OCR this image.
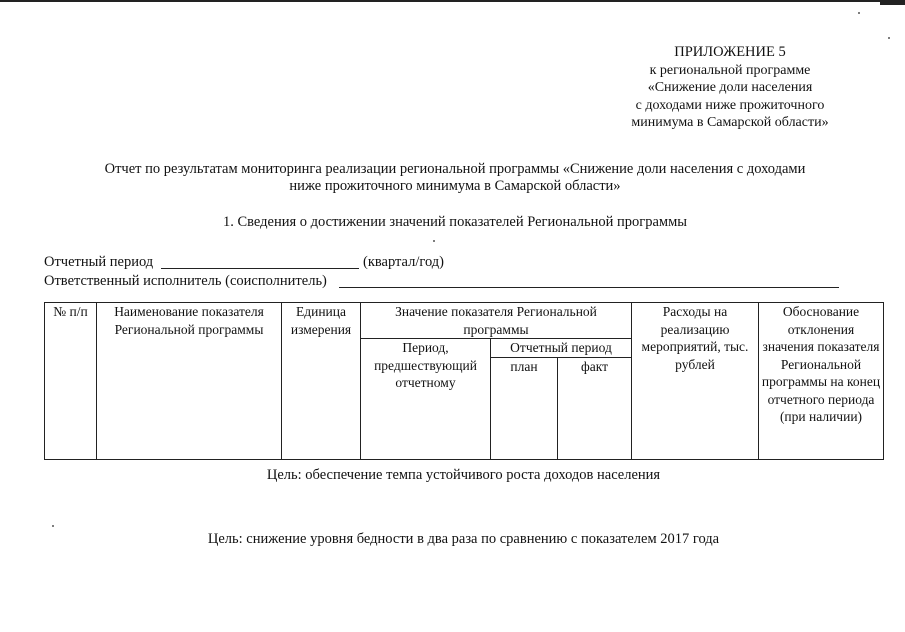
ПРИЛОЖЕНИЕ 5
к региональной программе
«Снижение доли населения
с доходами ниже прожиточного
минимума в Самарской области»
Отчет по результатам мониторинга реализации региональной программы «Снижение доли населения с доходами
ниже прожиточного минимума в Самарской области»
1. Сведения о достижении значений показателей Региональной программы
Отчетный период	(квартал/год)
Ответственный исполнитель (соисполнитель)
№ п/п	Наименование показателя Региональной программы	Единица измерения	Значение показателя Региональной программы			Расходы на реализацию мероприятий, тыс. рублей	Обоснование отклонения значения показателя Региональной программы на конец отчетного периода (при наличии)
			Период, предшествующий отчетному	Отчетный период			
				план	факт		
Цель: обеспечение темпа устойчивого роста доходов населения
Цель: снижение уровня бедности в два раза по сравнению с показателем 2017 года
